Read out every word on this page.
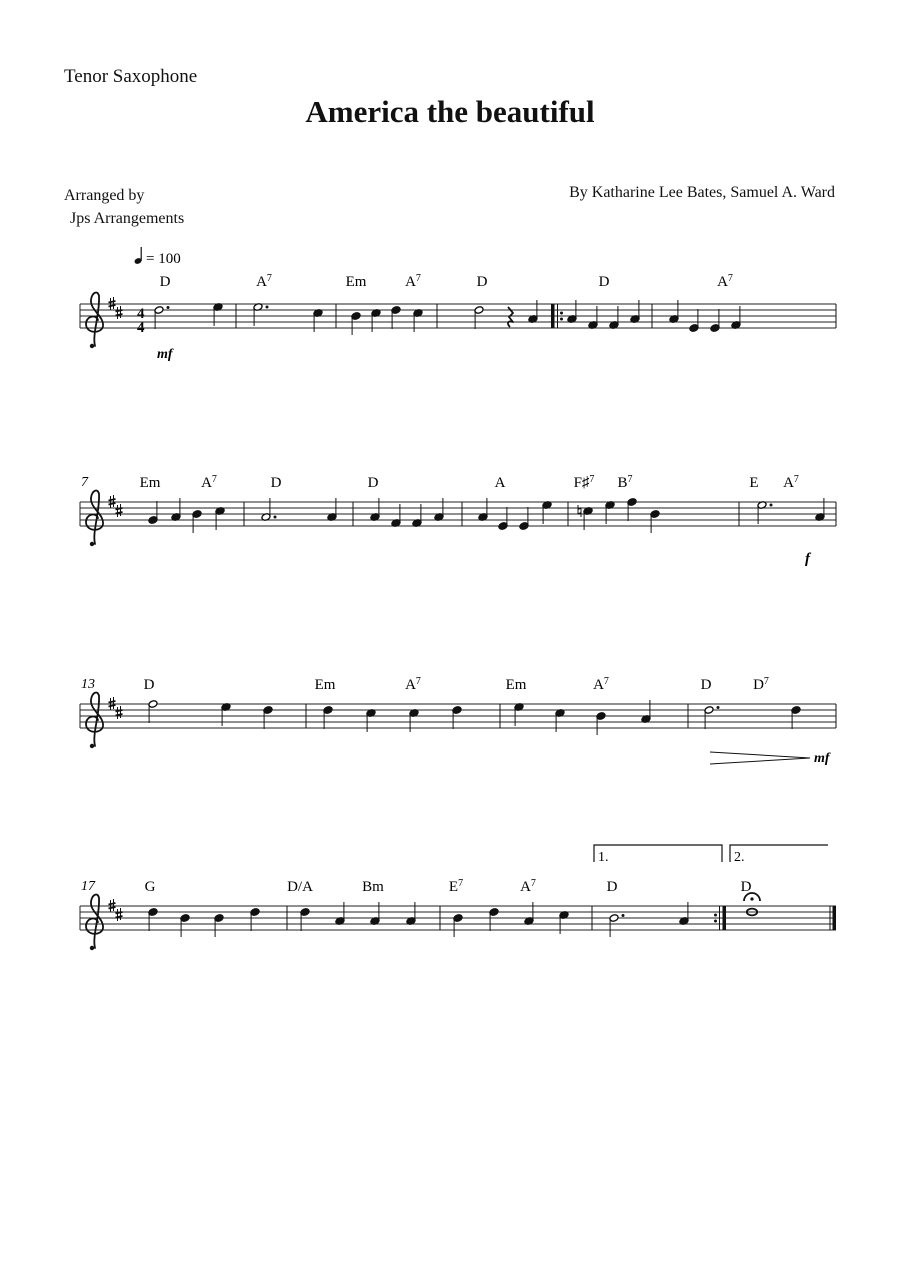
Tenor Saxophone
America the beautiful
Arranged by
Jps Arrangements
By Katharine Lee Bates, Samuel A. Ward
= 100
4
4
7
13
17
mf
f
mf
1.	2.
D	$A^7$	Em	$A^7$	D	D	$A^7$
Em	$A^7$	D	D	A	F♯$^7$ $B^7$	E $A^7$
D	Em	$A^7$	Em	$A^7$	D	$D^7$
G	D/A	Bm	$E^7$	$A^7$	D	D
